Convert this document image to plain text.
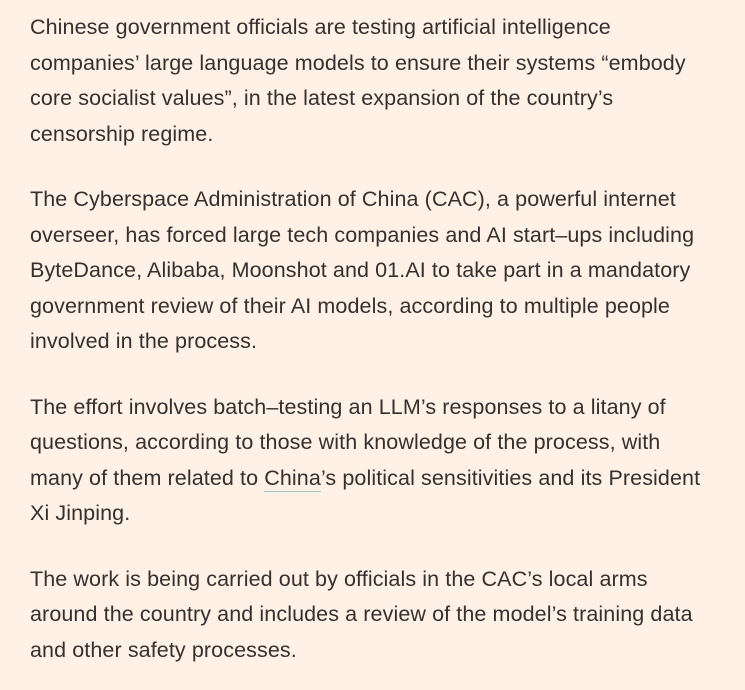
Chinese government officials are testing artificial intelligence companies’ large language models to ensure their systems “embody core socialist values”, in the latest expansion of the country’s censorship regime.

The Cyberspace Administration of China (CAC), a powerful internet overseer, has forced large tech companies and AI start–ups including ByteDance, Alibaba, Moonshot and 01.AI to take part in a mandatory government review of their AI models, according to multiple people involved in the process.

The effort involves batch–testing an LLM’s responses to a litany of questions, according to those with knowledge of the process, with many of them related to China’s political sensitivities and its President Xi Jinping.

The work is being carried out by officials in the CAC’s local arms around the country and includes a review of the model’s training data and other safety processes.
